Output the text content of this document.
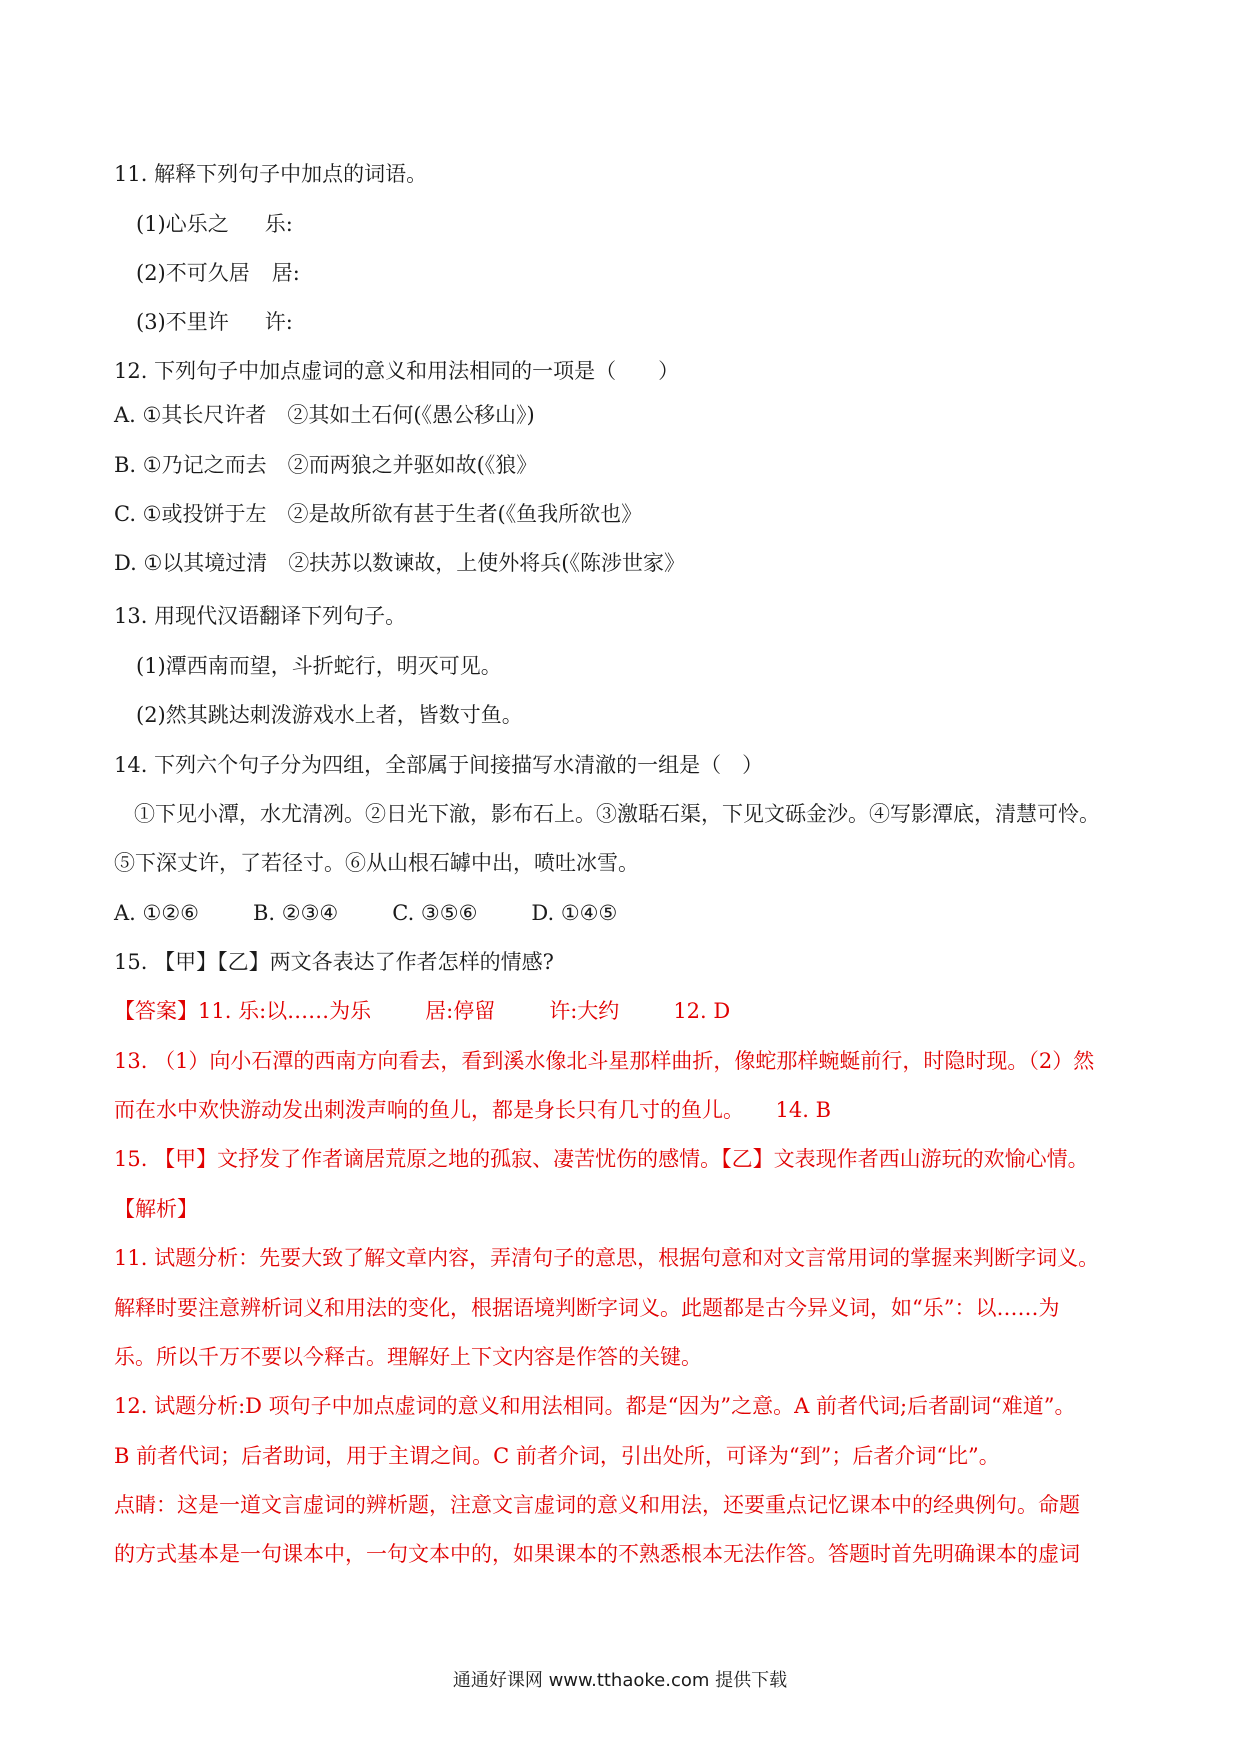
11. 解释下列句子中加点的词语。
(1)心乐之 乐:
(2)不可久居 居:
(3)不里许 许:
12. 下列句子中加点虚词的意义和用法相同的一项是（　　）
A. ①其长尺许者　②其如土石何(《愚公移山》)
B. ①乃记之而去　②而两狼之并驱如故(《狼》
C. ①或投饼于左　②是故所欲有甚于生者(《鱼我所欲也》
D. ①以其境过清　②扶苏以数谏故，上使外将兵(《陈涉世家》
13. 用现代汉语翻译下列句子。
(1)潭西南而望，斗折蛇行，明灭可见。
(2)然其跳达刺泼游戏水上者，皆数寸鱼。
14. 下列六个句子分为四组，全部属于间接描写水清澈的一组是（　）
①下见小潭，水尤清冽。②日光下澈，影布石上。③激聒石渠，下见文砾金沙。④写影潭底，清慧可怜。
⑤下深丈许，了若径寸。⑥从山根石罅中出，喷吐冰雪。
A. ①②⑥	B. ②③④	C. ③⑤⑥	D. ①④⑤
15. 【甲】【乙】两文各表达了作者怎样的情感?
【答案】11. 乐:以……为乐	居:停留	许:大约	12. D
13. （1）向小石潭的西南方向看去，看到溪水像北斗星那样曲折，像蛇那样蜿蜒前行，时隐时现。（2）然
而在水中欢快游动发出刺泼声响的鱼儿，都是身长只有几寸的鱼儿。　　14. B
15. 【甲】文抒发了作者谪居荒原之地的孤寂、凄苦忧伤的感情。【乙】文表现作者西山游玩的欢愉心情。
【解析】
11. 试题分析：先要大致了解文章内容，弄清句子的意思，根据句意和对文言常用词的掌握来判断字词义。
解释时要注意辨析词义和用法的变化，根据语境判断字词义。此题都是古今异义词，如“乐”：以……为
乐。所以千万不要以今释古。理解好上下文内容是作答的关键。
12. 试题分析:D 项句子中加点虚词的意义和用法相同。都是“因为”之意。A 前者代词;后者副词“难道”。
B 前者代词；后者助词，用于主谓之间。C 前者介词，引出处所，可译为“到”；后者介词“比”。
点睛：这是一道文言虚词的辨析题，注意文言虚词的意义和用法，还要重点记忆课本中的经典例句。命题
的方式基本是一句课本中，一句文本中的，如果课本的不熟悉根本无法作答。答题时首先明确课本的虚词
通通好课网 www.tthaoke.com 提供下载
